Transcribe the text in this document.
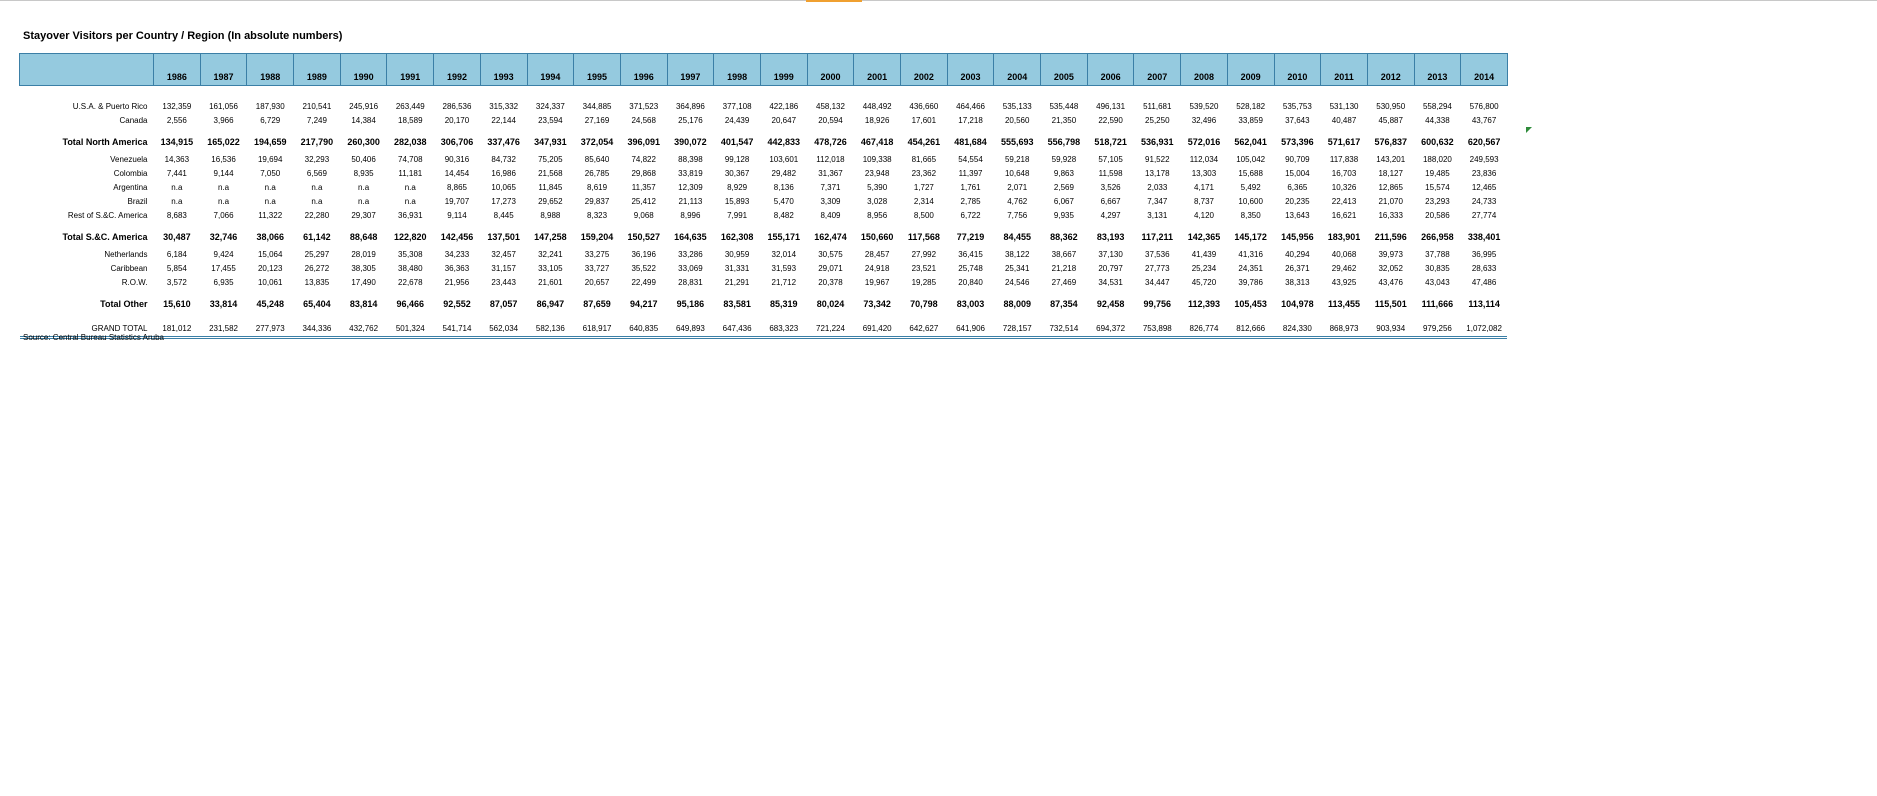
Stayover Visitors per Country / Region (In absolute numbers)
	1986	1987	1988	1989	1990	1991	1992	1993	1994	1995	1996	1997	1998	1999	2000	2001	2002	2003	2004	2005	2006	2007	2008	2009	2010	2011	2012	2013	2014

U.S.A. & Puerto Rico	132,359	161,056	187,930	210,541	245,916	263,449	286,536	315,332	324,337	344,885	371,523	364,896	377,108	422,186	458,132	448,492	436,660	464,466	535,133	535,448	496,131	511,681	539,520	528,182	535,753	531,130	530,950	558,294	576,800
Canada	2,556	3,966	6,729	7,249	14,384	18,589	20,170	22,144	23,594	27,169	24,568	25,176	24,439	20,647	20,594	18,926	17,601	17,218	20,560	21,350	22,590	25,250	32,496	33,859	37,643	40,487	45,887	44,338	43,767

Total North America	134,915	165,022	194,659	217,790	260,300	282,038	306,706	337,476	347,931	372,054	396,091	390,072	401,547	442,833	478,726	467,418	454,261	481,684	555,693	556,798	518,721	536,931	572,016	562,041	573,396	571,617	576,837	600,632	620,567

Venezuela	14,363	16,536	19,694	32,293	50,406	74,708	90,316	84,732	75,205	85,640	74,822	88,398	99,128	103,601	112,018	109,338	81,665	54,554	59,218	59,928	57,105	91,522	112,034	105,042	90,709	117,838	143,201	188,020	249,593
Colombia	7,441	9,144	7,050	6,569	8,935	11,181	14,454	16,986	21,568	26,785	29,868	33,819	30,367	29,482	31,367	23,948	23,362	11,397	10,648	9,863	11,598	13,178	13,303	15,688	15,004	16,703	18,127	19,485	23,836
Argentina	n.a	n.a	n.a	n.a	n.a	n.a	8,865	10,065	11,845	8,619	11,357	12,309	8,929	8,136	7,371	5,390	1,727	1,761	2,071	2,569	3,526	2,033	4,171	5,492	6,365	10,326	12,865	15,574	12,465
Brazil	n.a	n.a	n.a	n.a	n.a	n.a	19,707	17,273	29,652	29,837	25,412	21,113	15,893	5,470	3,309	3,028	2,314	2,785	4,762	6,067	6,667	7,347	8,737	10,600	20,235	22,413	21,070	23,293	24,733
Rest of S.&C. America	8,683	7,066	11,322	22,280	29,307	36,931	9,114	8,445	8,988	8,323	9,068	8,996	7,991	8,482	8,409	8,956	8,500	6,722	7,756	9,935	4,297	3,131	4,120	8,350	13,643	16,621	16,333	20,586	27,774

Total S.&C. America	30,487	32,746	38,066	61,142	88,648	122,820	142,456	137,501	147,258	159,204	150,527	164,635	162,308	155,171	162,474	150,660	117,568	77,219	84,455	88,362	83,193	117,211	142,365	145,172	145,956	183,901	211,596	266,958	338,401

Netherlands	6,184	9,424	15,064	25,297	28,019	35,308	34,233	32,457	32,241	33,275	36,196	33,286	30,959	32,014	30,575	28,457	27,992	36,415	38,122	38,667	37,130	37,536	41,439	41,316	40,294	40,068	39,973	37,788	36,995
Caribbean	5,854	17,455	20,123	26,272	38,305	38,480	36,363	31,157	33,105	33,727	35,522	33,069	31,331	31,593	29,071	24,918	23,521	25,748	25,341	21,218	20,797	27,773	25,234	24,351	26,371	29,462	32,052	30,835	28,633
R.O.W.	3,572	6,935	10,061	13,835	17,490	22,678	21,956	23,443	21,601	20,657	22,499	28,831	21,291	21,712	20,378	19,967	19,285	20,840	24,546	27,469	34,531	34,447	45,720	39,786	38,313	43,925	43,476	43,043	47,486

Total Other	15,610	33,814	45,248	65,404	83,814	96,466	92,552	87,057	86,947	87,659	94,217	95,186	83,581	85,319	80,024	73,342	70,798	83,003	88,009	87,354	92,458	99,756	112,393	105,453	104,978	113,455	115,501	111,666	113,114

GRAND TOTAL	181,012	231,582	277,973	344,336	432,762	501,324	541,714	562,034	582,136	618,917	640,835	649,893	647,436	683,323	721,224	691,420	642,627	641,906	728,157	732,514	694,372	753,898	826,774	812,666	824,330	868,973	903,934	979,256	1,072,082
Source: Central Bureau Statistics Aruba
